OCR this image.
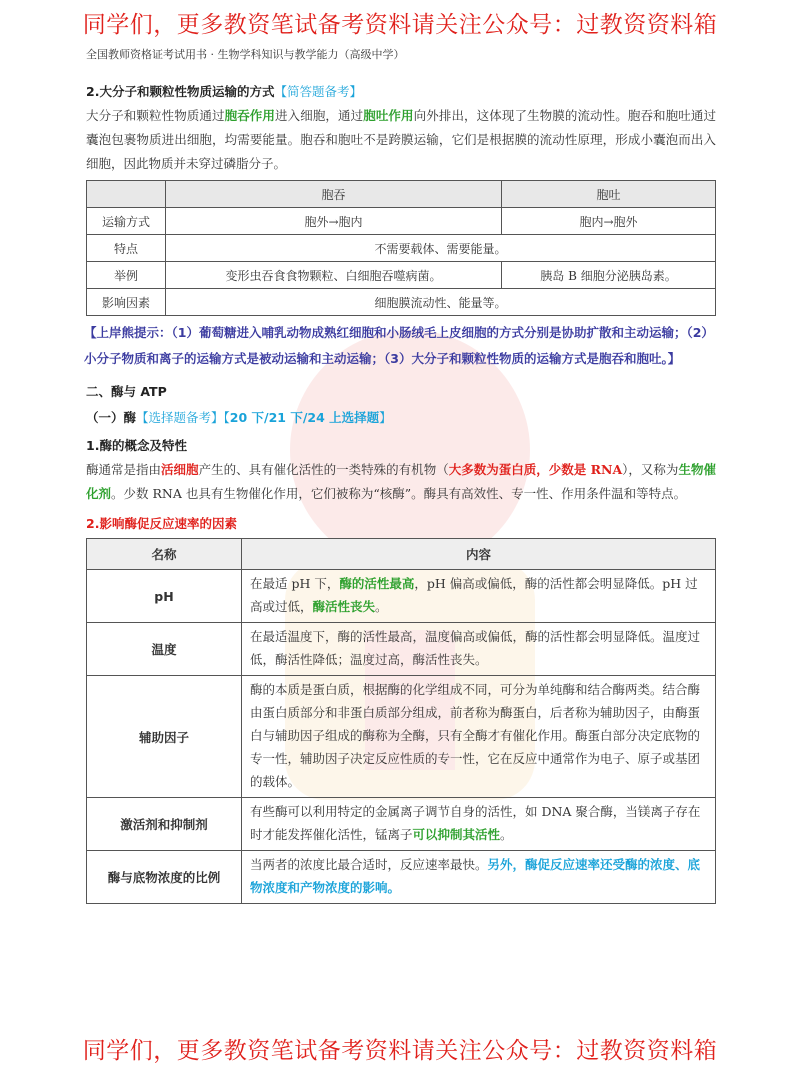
同学们，更多教资笔试备考资料请关注公众号：过教资资料箱
全国教师资格证考试用书 · 生物学科知识与教学能力（高级中学）
2.大分子和颗粒性物质运输的方式【简答题备考】

大分子和颗粒性物质通过胞吞作用进入细胞，通过胞吐作用向外排出，这体现了生物膜的流动性。胞吞和胞吐通过囊泡包裹物质进出细胞，均需要能量。胞吞和胞吐不是跨膜运输，它们是根据膜的流动性原理，形成小囊泡而出入细胞，因此物质并未穿过磷脂分子。

	胞吞	胞吐
运输方式	胞外→胞内	胞内→胞外
特点	不需要载体、需要能量。	
举例	变形虫吞食食物颗粒、白细胞吞噬病菌。	胰岛 B 细胞分泌胰岛素。
影响因素	细胞膜流动性、能量等。	
【上岸熊提示：（1）葡萄糖进入哺乳动物成熟红细胞和小肠绒毛上皮细胞的方式分别是协助扩散和主动运输；（2）小分子物质和离子的运输方式是被动运输和主动运输；（3）大分子和颗粒性物质的运输方式是胞吞和胞吐。】
二、酶与 ATP
（一）酶【选择题备考】【20 下/21 下/24 上选择题】
1.酶的概念及特性

酶通常是指由活细胞产生的、具有催化活性的一类特殊的有机物（大多数为蛋白质，少数是 RNA），又称为生物催化剂。少数 RNA 也具有生物催化作用，它们被称为“核酶”。酶具有高效性、专一性、作用条件温和等特点。

2.影响酶促反应速率的因素
名称	内容
pH	在最适 pH 下，酶的活性最高，pH 偏高或偏低，酶的活性都会明显降低。pH 过高或过低，酶活性丧失。
温度	在最适温度下，酶的活性最高，温度偏高或偏低，酶的活性都会明显降低。温度过低，酶活性降低；温度过高，酶活性丧失。
辅助因子	酶的本质是蛋白质，根据酶的化学组成不同，可分为单纯酶和结合酶两类。结合酶由蛋白质部分和非蛋白质部分组成，前者称为酶蛋白，后者称为辅助因子，由酶蛋白与辅助因子组成的酶称为全酶，只有全酶才有催化作用。酶蛋白部分决定底物的专一性，辅助因子决定反应性质的专一性，它在反应中通常作为电子、原子或基团的载体。
激活剂和抑制剂	有些酶可以利用特定的金属离子调节自身的活性，如 DNA 聚合酶，当镁离子存在时才能发挥催化活性，锰离子可以抑制其活性。
酶与底物浓度的比例	当两者的浓度比最合适时，反应速率最快。另外，酶促反应速率还受酶的浓度、底物浓度和产物浓度的影响。
同学们，更多教资笔试备考资料请关注公众号：过教资资料箱
